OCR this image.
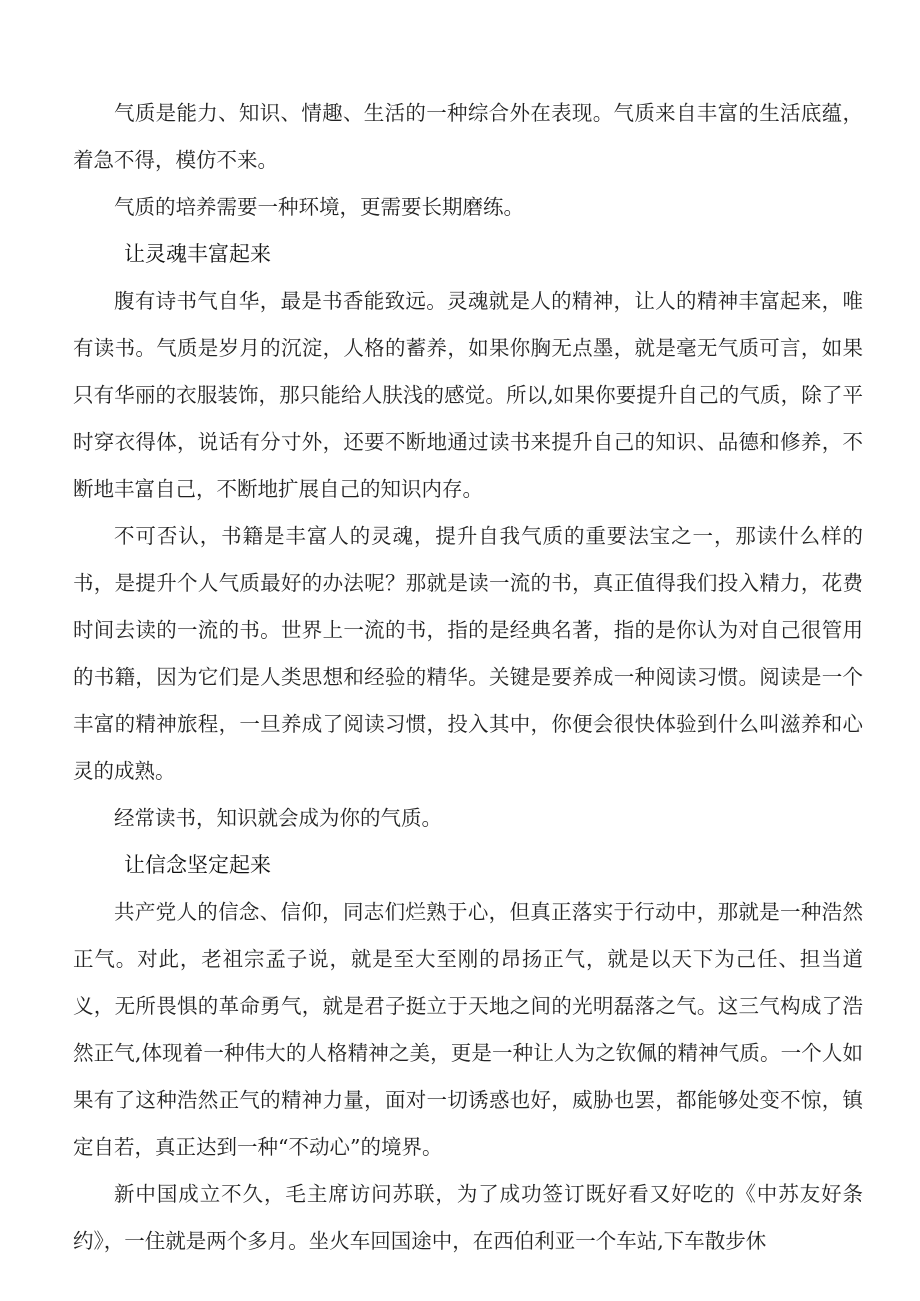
气质是能力、知识、情趣、生活的一种综合外在表现。气质来自丰富的生活底蕴，着急不得，模仿不来。

气质的培养需要一种环境，更需要长期磨练。

让灵魂丰富起来

腹有诗书气自华，最是书香能致远。灵魂就是人的精神，让人的精神丰富起来，唯有读书。气质是岁月的沉淀，人格的蓄养，如果你胸无点墨，就是毫无气质可言，如果只有华丽的衣服装饰，那只能给人肤浅的感觉。所以,如果你要提升自己的气质，除了平时穿衣得体，说话有分寸外，还要不断地通过读书来提升自己的知识、品德和修养，不断地丰富自己，不断地扩展自己的知识内存。

不可否认，书籍是丰富人的灵魂，提升自我气质的重要法宝之一，那读什么样的书，是提升个人气质最好的办法呢？那就是读一流的书，真正值得我们投入精力，花费时间去读的一流的书。世界上一流的书，指的是经典名著，指的是你认为对自己很管用的书籍，因为它们是人类思想和经验的精华。关键是要养成一种阅读习惯。阅读是一个丰富的精神旅程，一旦养成了阅读习惯，投入其中，你便会很快体验到什么叫滋养和心灵的成熟。

经常读书，知识就会成为你的气质。

让信念坚定起来

共产党人的信念、信仰，同志们烂熟于心，但真正落实于行动中，那就是一种浩然正气。对此，老祖宗孟子说，就是至大至刚的昂扬正气，就是以天下为己任、担当道义，无所畏惧的革命勇气，就是君子挺立于天地之间的光明磊落之气。这三气构成了浩然正气,体现着一种伟大的人格精神之美，更是一种让人为之钦佩的精神气质。一个人如果有了这种浩然正气的精神力量，面对一切诱惑也好，威胁也罢，都能够处变不惊，镇定自若，真正达到一种“不动心”的境界。

新中国成立不久，毛主席访问苏联，为了成功签订既好看又好吃的《中苏友好条约》，一住就是两个多月。坐火车回国途中，在西伯利亚一个车站,下车散步休
